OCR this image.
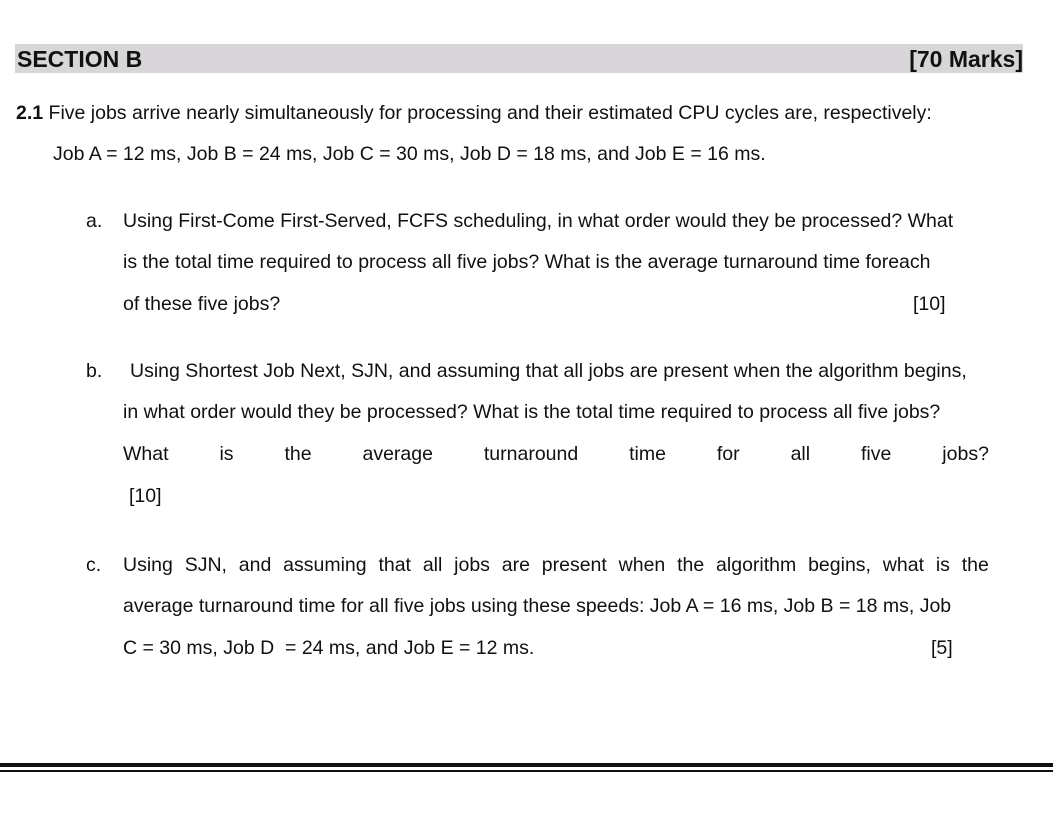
SECTION B	[70 Marks]
2.1 Five jobs arrive nearly simultaneously for processing and their estimated CPU cycles are, respectively:
Job A = 12 ms, Job B = 24 ms, Job C = 30 ms, Job D = 18 ms, and Job E = 16 ms.
a. Using First-Come First-Served, FCFS scheduling, in what order would they be processed? What
is the total time required to process all five jobs? What is the average turnaround time foreach
of these five jobs?	[10]
b. Using Shortest Job Next, SJN, and assuming that all jobs are present when the algorithm begins,
in what order would they be processed? What is the total time required to process all five jobs?
What	is	the	average	turnaround	time	for	all	five	jobs?
[10]
c. Using SJN, and assuming that all jobs are present when the algorithm begins, what is the
average turnaround time for all five jobs using these speeds: Job A = 16 ms, Job B = 18 ms, Job
C = 30 ms, Job D  = 24 ms, and Job E = 12 ms.	[5]
